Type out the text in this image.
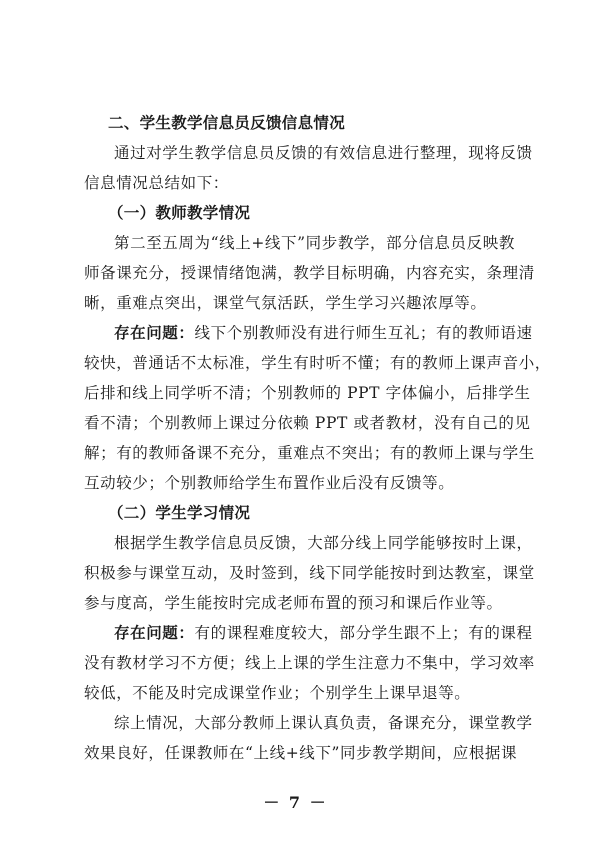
二、学生教学信息员反馈信息情况
通过对学生教学信息员反馈的有效信息进行整理，现将反馈
信息情况总结如下：
（一）教师教学情况
第二至五周为“线上+线下”同步教学，部分信息员反映教
师备课充分，授课情绪饱满，教学目标明确，内容充实，条理清
晰，重难点突出，课堂气氛活跃，学生学习兴趣浓厚等。
存在问题：线下个别教师没有进行师生互礼；有的教师语速
较快，普通话不太标准，学生有时听不懂；有的教师上课声音小，
后排和线上同学听不清；个别教师的 PPT 字体偏小，后排学生
看不清；个别教师上课过分依赖 PPT 或者教材，没有自己的见
解；有的教师备课不充分，重难点不突出；有的教师上课与学生
互动较少；个别教师给学生布置作业后没有反馈等。
（二）学生学习情况
根据学生教学信息员反馈，大部分线上同学能够按时上课，
积极参与课堂互动，及时签到，线下同学能按时到达教室，课堂
参与度高，学生能按时完成老师布置的预习和课后作业等。
存在问题：有的课程难度较大，部分学生跟不上；有的课程
没有教材学习不方便；线上上课的学生注意力不集中，学习效率
较低，不能及时完成课堂作业；个别学生上课早退等。
综上情况，大部分教师上课认真负责，备课充分，课堂教学
效果良好，任课教师在“上线+线下”同步教学期间，应根据课
－ 7 －
